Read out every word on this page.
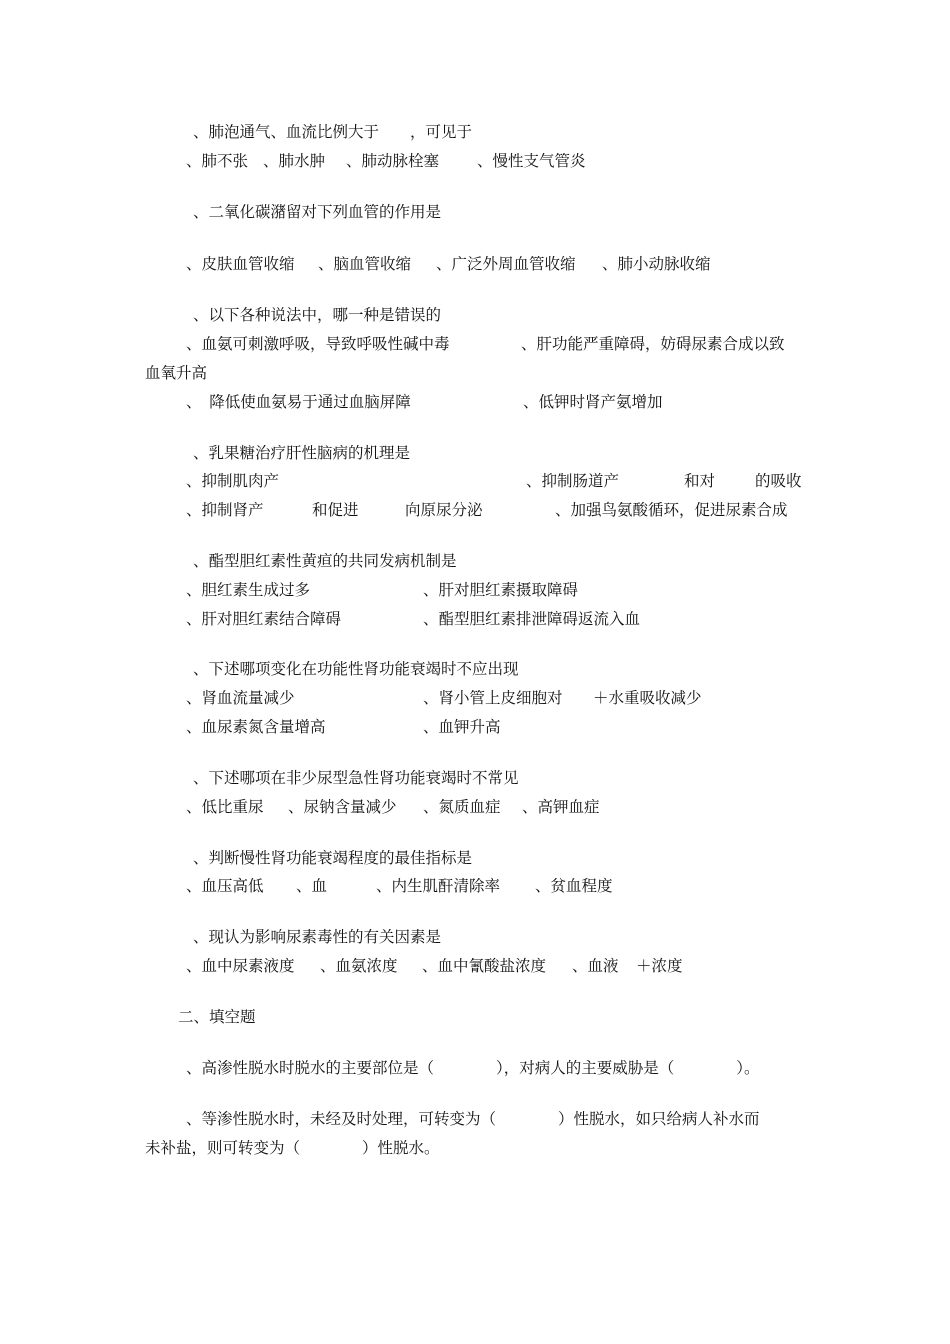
、肺泡通气、血流比例大于　　，可见于
、肺不张 、肺水肿 、肺动脉栓塞 、慢性支气管炎
、二氧化碳潴留对下列血管的作用是
、皮肤血管收缩 、脑血管收缩 、广泛外周血管收缩 、肺小动脉收缩
、以下各种说法中，哪一种是错误的
、血氨可刺激呼吸，导致呼吸性碱中毒	、肝功能严重障碍，妨碍尿素合成以致
血氧升高
、　降低使血氨易于通过血脑屏障	、低钾时肾产氨增加
、乳果糖治疗肝性脑病的机理是
、抑制肌肉产	、抑制肠道产	和对	的吸收
、抑制肾产	和促进	向原尿分泌	、加强鸟氨酸循环，促进尿素合成
、酯型胆红素性黄疸的共同发病机制是
、胆红素生成过多	、肝对胆红素摄取障碍
、肝对胆红素结合障碍	、酯型胆红素排泄障碍返流入血
、下述哪项变化在功能性肾功能衰竭时不应出现
、肾血流量减少	、肾小管上皮细胞对 ＋水重吸收减少
、血尿素氮含量增高	、血钾升高
、下述哪项在非少尿型急性肾功能衰竭时不常见
、低比重尿 、尿钠含量减少 、氮质血症 、高钾血症
、判断慢性肾功能衰竭程度的最佳指标是
、血压高低 、血	、内生肌酐清除率 、贫血程度
、现认为影响尿素毒性的有关因素是
、血中尿素液度 、血氨浓度 、血中氰酸盐浓度 、血液 ＋浓度
二、填空题
、高渗性脱水时脱水的主要部位是（　　　　），对病人的主要威胁是（　　　　）。
、等渗性脱水时，未经及时处理，可转变为（　　　　）性脱水，如只给病人补水而
未补盐，则可转变为（　　　　）性脱水。
